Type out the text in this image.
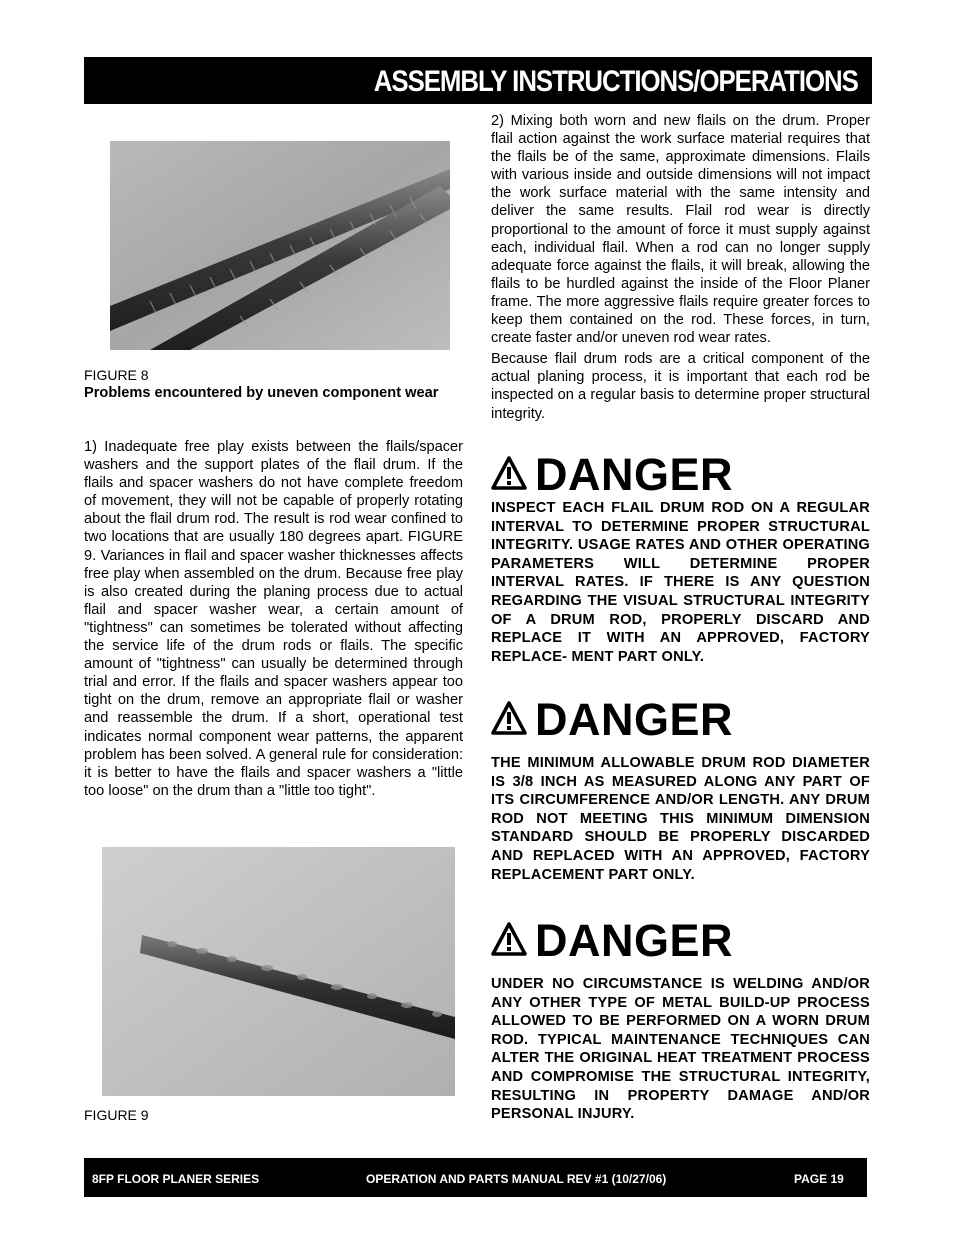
ASSEMBLY INSTRUCTIONS/OPERATIONS
FIGURE 8

Problems encountered by uneven component wear

1) Inadequate free play exists between the flails/spacer washers and the support plates of the flail drum. If the flails and spacer washers do not have complete freedom of movement, they will not be capable of properly rotating about the flail drum rod. The result is rod wear confined to two locations that are usually 180 degrees apart. FIGURE 9. Variances in flail and spacer washer thicknesses affects free play when assembled on the drum. Because free play is also created during the planing process due to actual flail and spacer washer wear, a certain amount of "tightness" can sometimes be tolerated without affecting the service life of the drum rods or flails. The specific amount of "tightness" can usually be determined through trial and error. If the flails and spacer washers appear too tight on the drum, remove an appropriate flail or washer and reassemble the drum. If a short, operational test indicates normal component wear patterns, the apparent problem has been solved. A general rule for consideration: it is better to have the flails and spacer washers a "little too loose" on the drum than a "little too tight".

FIGURE 9

2) Mixing both worn and new flails on the drum. Proper flail action against the work surface material requires that the flails be of the same, approximate dimensions. Flails with various inside and outside dimensions will not impact the work surface material with the same intensity and deliver the same results. Flail rod wear is directly proportional to the amount of force it must supply against each, individual flail. When a rod can no longer supply adequate force against the flails, it will break, allowing the flails to be hurdled against the inside of the Floor Planer frame. The more aggressive flails require greater forces to keep them contained on the rod. These forces, in turn, create faster and/or uneven rod wear rates.

Because flail drum rods are a critical component of the actual planing process, it is important that each rod be inspected on a regular basis to determine proper structural integrity.

DANGER

INSPECT EACH FLAIL DRUM ROD ON A REGULAR INTERVAL TO DETERMINE PROPER STRUCTURAL INTEGRITY. USAGE RATES AND OTHER OPERATING PARAMETERS WILL DETERMINE PROPER INTERVAL RATES. IF THERE IS ANY QUESTION REGARDING THE VISUAL STRUCTURAL INTEGRITY OF A DRUM ROD, PROPERLY DISCARD AND REPLACE IT WITH AN APPROVED, FACTORY REPLACE- MENT PART ONLY.

DANGER

THE MINIMUM ALLOWABLE DRUM ROD DIAMETER IS 3/8 INCH AS MEASURED ALONG ANY PART OF ITS CIRCUMFERENCE AND/OR LENGTH. ANY DRUM ROD NOT MEETING THIS MINIMUM DIMENSION STANDARD SHOULD BE PROPERLY DISCARDED AND REPLACED WITH AN APPROVED, FACTORY REPLACEMENT PART ONLY.

DANGER

UNDER NO CIRCUMSTANCE IS WELDING AND/OR ANY OTHER TYPE OF METAL BUILD-UP PROCESS ALLOWED TO BE PERFORMED ON A WORN DRUM ROD. TYPICAL MAINTENANCE TECHNIQUES CAN ALTER THE ORIGINAL HEAT TREATMENT PROCESS AND COMPROMISE THE STRUCTURAL INTEGRITY, RESULTING IN PROPERTY DAMAGE AND/OR PERSONAL INJURY.

8FP FLOOR PLANER SERIES	OPERATION AND PARTS MANUAL REV #1 (10/27/06)	PAGE 19
